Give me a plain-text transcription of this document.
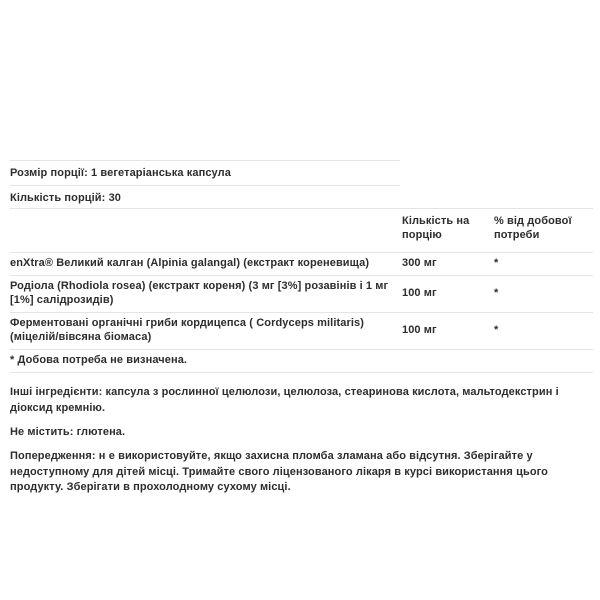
Розмір порції: 1 вегетаріанська капсула
Кількість порцій: 30
	Кількість на порцію	% від добової потреби
enXtra® Великий калган (Alpinia galangal) (екстракт кореневища)	300 мг	*
Родіола (Rhodiola rosea) (екстракт кореня) (3 мг [3%] розавінів і 1 мг [1%] салідрозидів)	100 мг	*
Ферментовані органічні гриби кордицепса ( Cordyceps militaris) (міцелій/вівсяна біомаса)	100 мг	*
* Добова потреба не визначена.		

Інші інгредієнти: капсула з рослинної целюлози, целюлоза, стеаринова кислота, мальтодекстрин і діоксид кремнію.

Не містить: глютена.

Попередження: н е використовуйте, якщо захисна пломба зламана або відсутня. Зберігайте у недоступному для дітей місці. Тримайте свого ліцензованого лікаря в курсі використання цього продукту. Зберігати в прохолодному сухому місці.
